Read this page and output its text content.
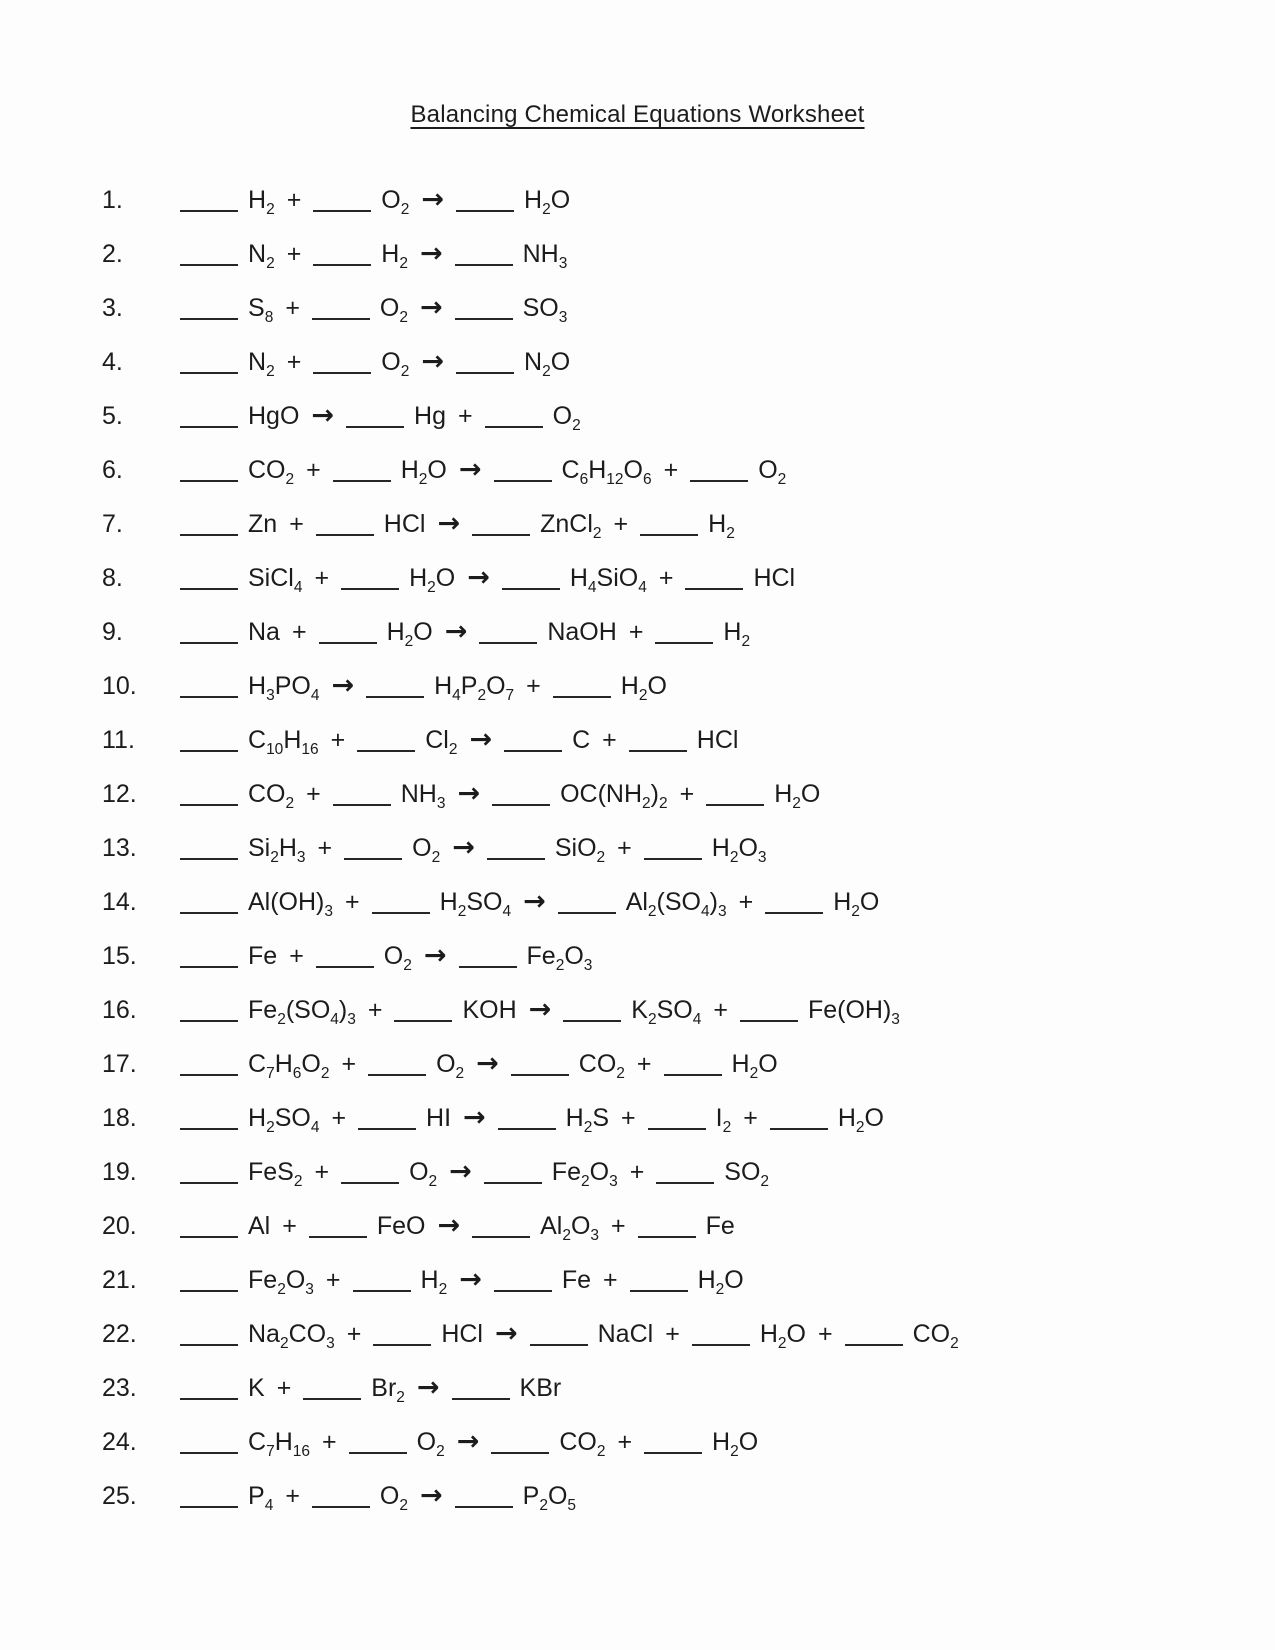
Balancing Chemical Equations Worksheet
1.	$H_2$ +	$O_2$ →	$H_2O$
2.	$N_2$ +	$H_2$ →	$NH_3$
3.	$S_8$ +	$O_2$ →	$SO_3$
4.	$N_2$ +	$O_2$ →	$N_2O$
5.	HgO →	Hg +	$O_2$
6.	$CO_2$ +	$H_2O$ →	$C_6H_{12}O_6$ +	$O_2$
7.	Zn +	HCl →	ZnCl$_2$ +	$H_2$
8.	SiCl$_4$ +	$H_2O$ →	$H_4SiO_4$ +	HCl
9.	Na +	$H_2O$ →	NaOH +	$H_2$
10.	$H_3PO_4$ →	$H_4P_2O_7$ +	$H_2O$
11.	$C_{10}H_{16}$ +	$Cl_2$ →	C +	HCl
12.	$CO_2$ +	$NH_3$ →	$OC(NH_2)_2$ +	$H_2O$
13.	$Si_2H_3$ +	$O_2$ →	SiO$_2$ +	$H_2O_3$
14.	$Al(OH)_3$ +	$H_2SO_4$ →	$Al_2(SO_4)_3$ +	$H_2O$
15.	Fe +	$O_2$ →	$Fe_2O_3$
16.	$Fe_2(SO_4)_3$ +	KOH →	$K_2SO_4$ +	$Fe(OH)_3$
17.	$C_7H_6O_2$ +	$O_2$ →	$CO_2$ +	$H_2O$
18.	$H_2SO_4$ +	HI →	$H_2S$ +	$I_2$ +	$H_2O$
19.	FeS$_2$ +	$O_2$ →	$Fe_2O_3$ +	$SO_2$
20.	Al +	FeO →	$Al_2O_3$ +	Fe
21.	$Fe_2O_3$ +	$H_2$ →	Fe +	$H_2O$
22.	$Na_2CO_3$ +	HCl →	NaCl +	$H_2O$ +	$CO_2$
23.	K +	$Br_2$ →	KBr
24.	$C_7H_{16}$ +	$O_2$ →	$CO_2$ +	$H_2O$
25.	$P_4$ +	$O_2$ →	$P_2O_5$
